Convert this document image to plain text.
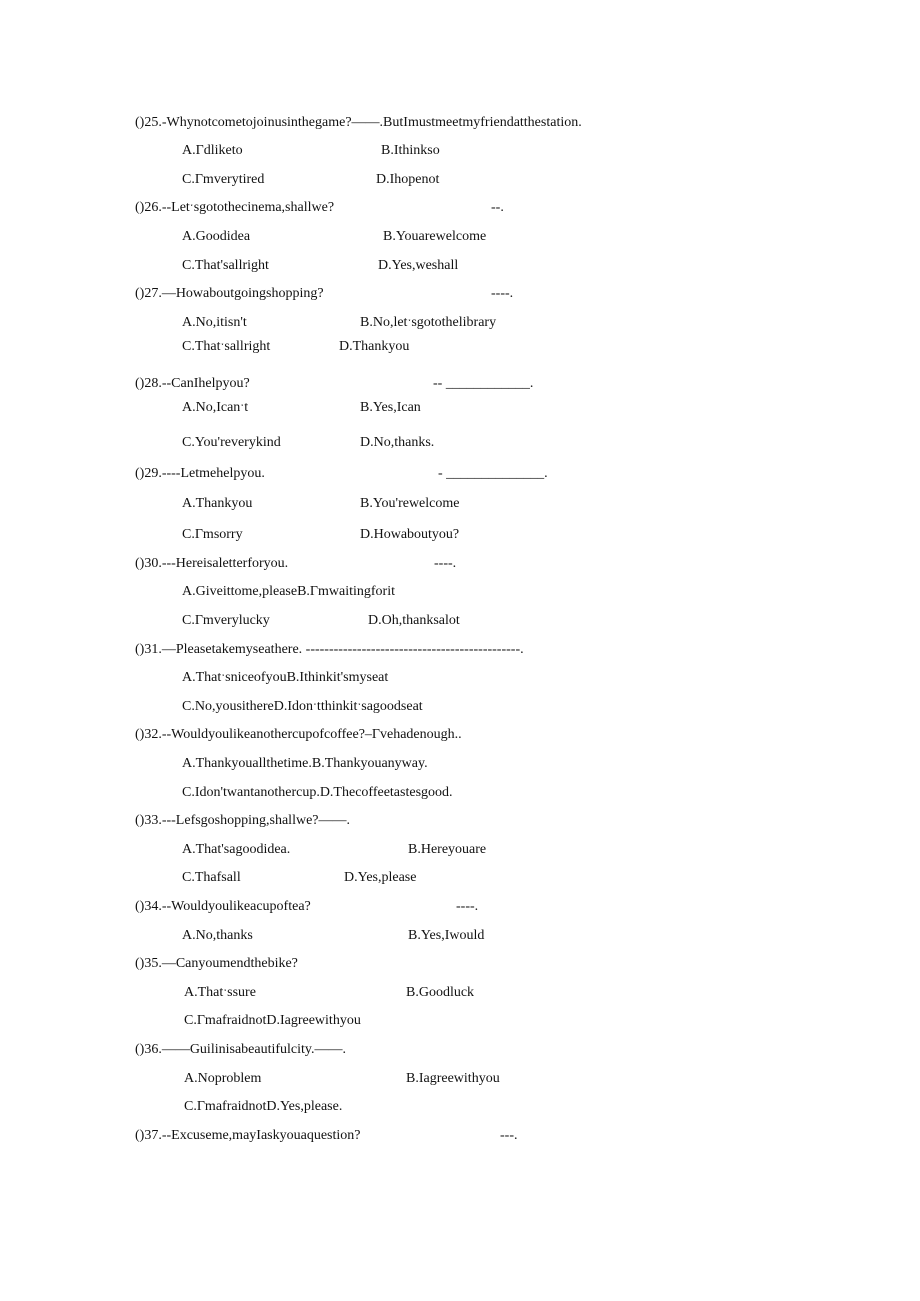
()25.-Whynotcometojoinusinthegame?——.ButImustmeetmyfriendatthestation.
A.Гdliketo	B.Ithinkso
C.Гmverytired	D.Ihopenot
()26.--Letˑsgotothecinema,shallwe?	--.
A.Goodidea	B.Youarewelcome
C.That'sallright	D.Yes,weshall
()27.—Howaboutgoingshopping?	----.
A.No,itisn't	B.No,letˑsgotothelibrary
C.Thatˑsallright	D.Thankyou
()28.--CanIhelpyou?	-- ____________.
A.No,Icanˑt	B.Yes,Ican
C.You'reverykind	D.No,thanks.
()29.----Letmehelpyou.	- ______________.
A.Thankyou	B.You'rewelcome
C.Гmsorry	D.Howaboutyou?
()30.---Hereisaletterforyou.	----.
A.Giveittome,pleaseB.Гmwaitingforit
C.Гmverylucky	D.Oh,thanksalot
()31.—Pleasetakemyseathere. ----------------------------------------------.
A.ThatˑsniceofyouB.Ithinkit'smyseat
C.No,yousithereD.Idonˑtthinkitˑsagoodseat
()32.--Wouldyoulikeanothercupofcoffee?–Гvehadenough..
A.Thankyouallthetime.B.Thankyouanyway.
C.Idon'twantanothercup.D.Thecoffeetastesgood.
()33.---Lefsgoshopping,shallwe?——.
A.That'sagoodidea.	B.Hereyouare
C.Thafsall	D.Yes,please
()34.--Wouldyoulikeacupoftea?	----.
A.No,thanks	B.Yes,Iwould
()35.—Canyoumendthebike?
A.Thatˑssure	B.Goodluck
C.ГmafraidnotD.Iagreewithyou
()36.——Guilinisabeautifulcity.——.
A.Noproblem	B.Iagreewithyou
C.ГmafraidnotD.Yes,please.
()37.--Excuseme,mayIaskyouaquestion?	---.
